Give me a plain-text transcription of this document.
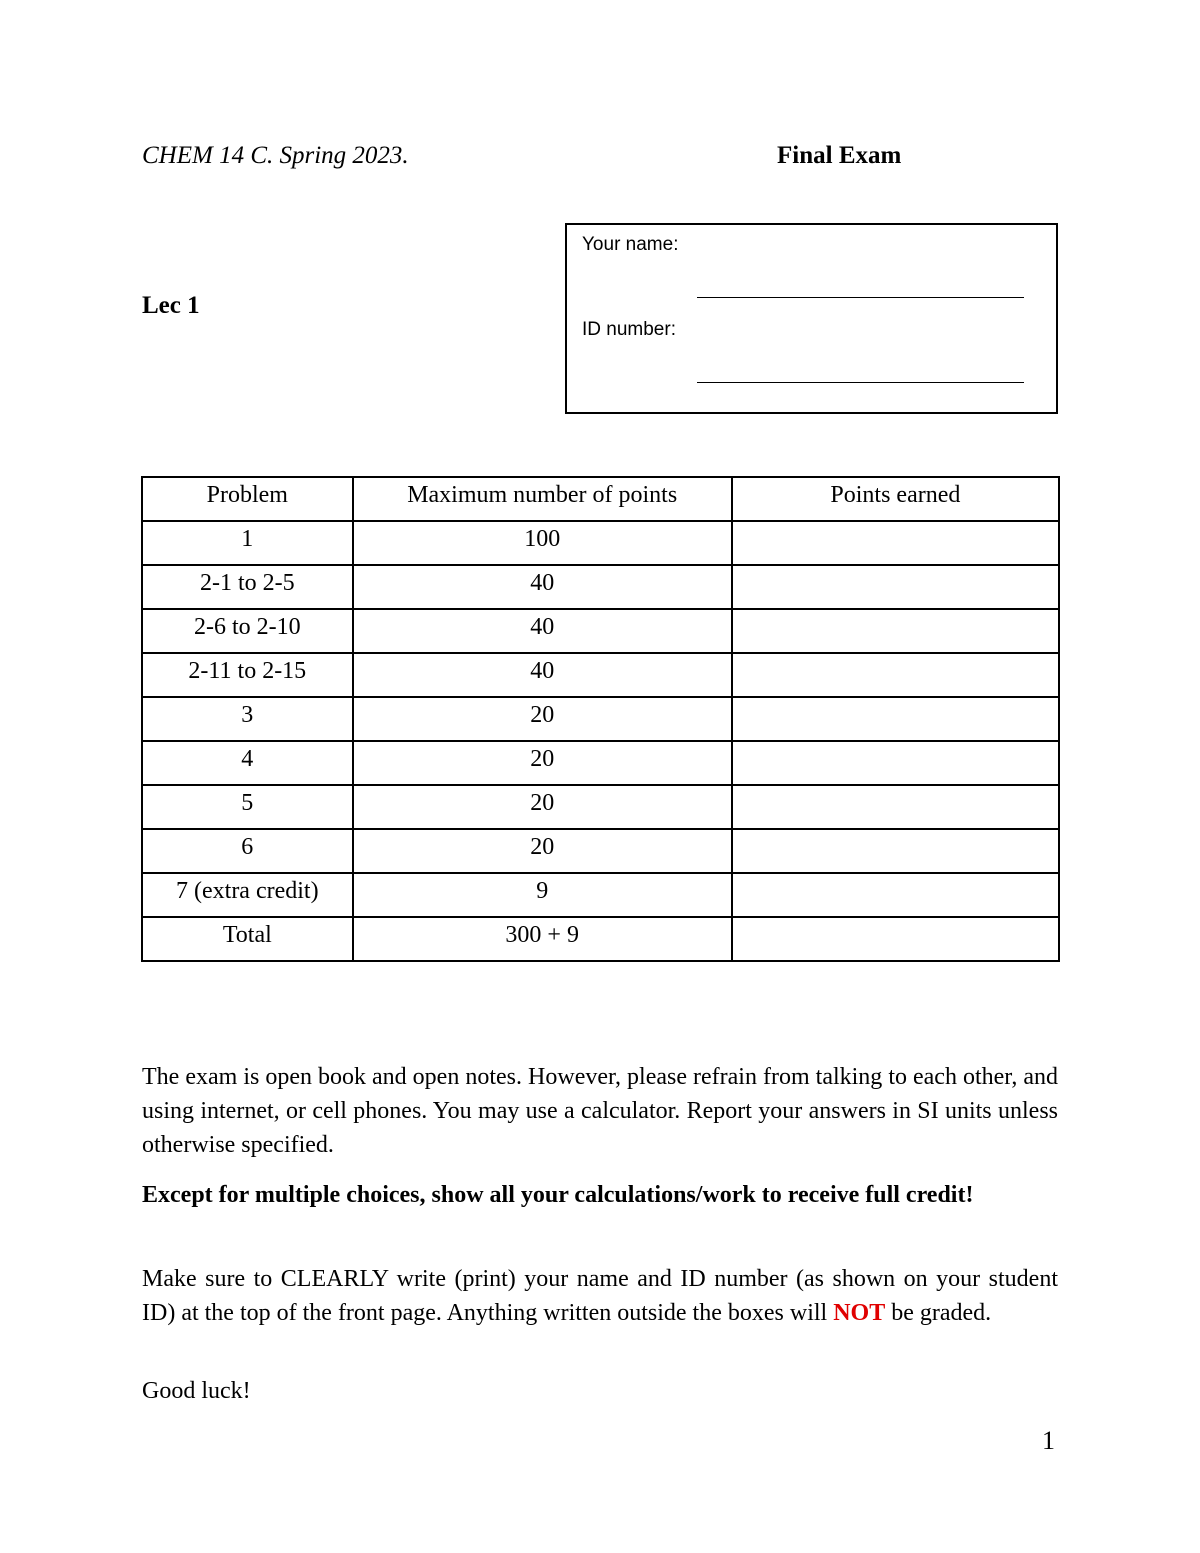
CHEM 14 C. Spring 2023.	Final Exam
Lec 1
Your name:
ID number:
Problem	Maximum number of points	Points earned
1	100	
2-1 to 2-5	40	
2-6 to 2-10	40	
2-11 to 2-15	40	
3	20	
4	20	
5	20	
6	20	
7 (extra credit)	9	
Total	300 + 9	

The exam is open book and open notes. However, please refrain from talking to each other, and using internet, or cell phones. You may use a calculator. Report your answers in SI units unless otherwise specified.

Except for multiple choices, show all your calculations/work to receive full credit!

Make sure to CLEARLY write (print) your name and ID number (as shown on your student ID) at the top of the front page. Anything written outside the boxes will NOT be graded.

Good luck!
1
